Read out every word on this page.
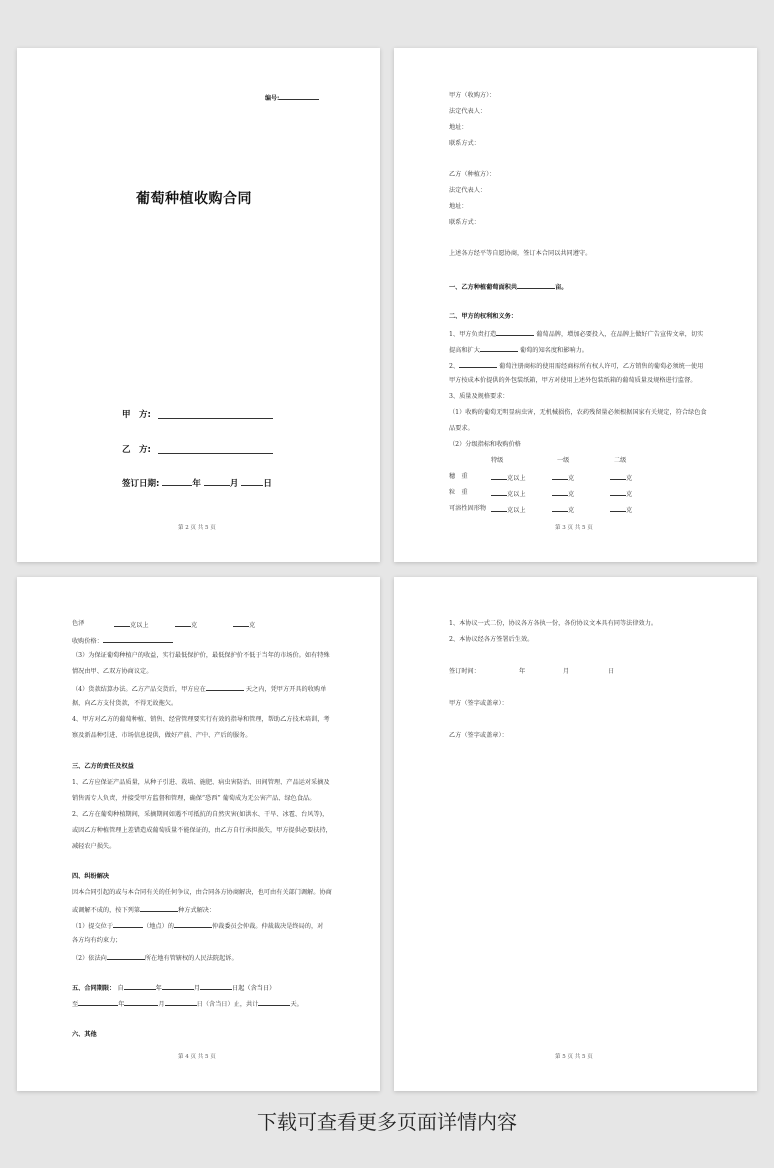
编号:
葡萄种植收购合同
甲　方:
乙　方:
签订日期:	年	月	日
第 2 页 共 5 页
甲方（收购方）：
法定代表人：
地址：
联系方式：
乙方（种植方）：
法定代表人：
地址：
联系方式：
上述各方经平等自愿协商，签订本合同以共同遵守。
一、乙方种植葡萄面积共	亩。
二、甲方的权利和义务：
1、甲方负责打造	葡萄品牌，增加必要投入，在品牌上做好广告宣传文章，切实
提高和扩大	葡萄的知名度和影响力。
2、	葡萄注册商标的使用需经商标所有权人许可，乙方销售的葡萄必须统一使用
甲方按成本价提供的外包装纸箱，甲方对使用上述外包装纸箱的葡萄质量及规格进行监督。
3、质量及规格要求：
（1）收购的葡萄无明显病虫害，无机械损伤，农药残留量必须根据国家有关规定，符合绿色食
品要求。
（2）分级指标和收购价格
特级	一级	二级
穗　重	克以上	克	克
粒　重	克以上	克	克
可溶性固形物	克以上	克	克
第 3 页 共 5 页
色泽	克以上	克	克
收购价格：
（3）为保证葡萄种植户的收益，实行最低保护价，最低保护价不低于当年的市场价。如有特殊
情况由甲、乙双方协商议定。
（4）货款结算办法。乙方产品交货后，甲方应在	天之内，凭甲方开具的收购单
据，向乙方支付货款，不得无故拖欠。
4、甲方对乙方的葡萄种植、销售、经营管理要实行有效的指导和管理，帮助乙方技术培训，考
察及新品种引进、市场信息提供，做好产前、产中、产后的服务。
三、乙方的责任及权益
1、乙方应保证产品质量，从种子引进、栽培、施肥、病虫害防治、田间管理、产品运对采摘及
销售需专人负责，并接受甲方监督和管理，确保“恐西” 葡萄成为无公害产品、绿色食品。
2、乙方在葡萄种植期间，采摘期间如遇不可抵抗的自然灾害(如洪水、干旱、冰雹、台风等)，
或因乙方种植管理上差错造成葡萄质量不能保证的，由乙方自行承担损失，甲方提供必要扶持，
减轻农户损失。
四、纠纷解决
因本合同引起的或与本合同有关的任何争议，由合同各方协商解决，也可由有关部门调解。协商
或调解不成的，按下列第	种方式解决：
（1）提交位于	（地点）的	仲裁委员会仲裁。仲裁裁决是终局的，对
各方均有约束力；
（2）依法向	所在地有管辖权的人民法院起诉。
五、合同期限： 自	年	月	日起（含当日）
至	年	月	日（含当日）止，共计	天。
六、其他
第 4 页 共 5 页
1、本协议一式二份，协议各方各执一份，各份协议文本具有同等法律效力。
2、本协议经各方签署后生效。
签订时间：	年	月	日
甲方（签字或盖章）：
乙方（签字或盖章）：
第 5 页 共 5 页
下载可查看更多页面详情内容
